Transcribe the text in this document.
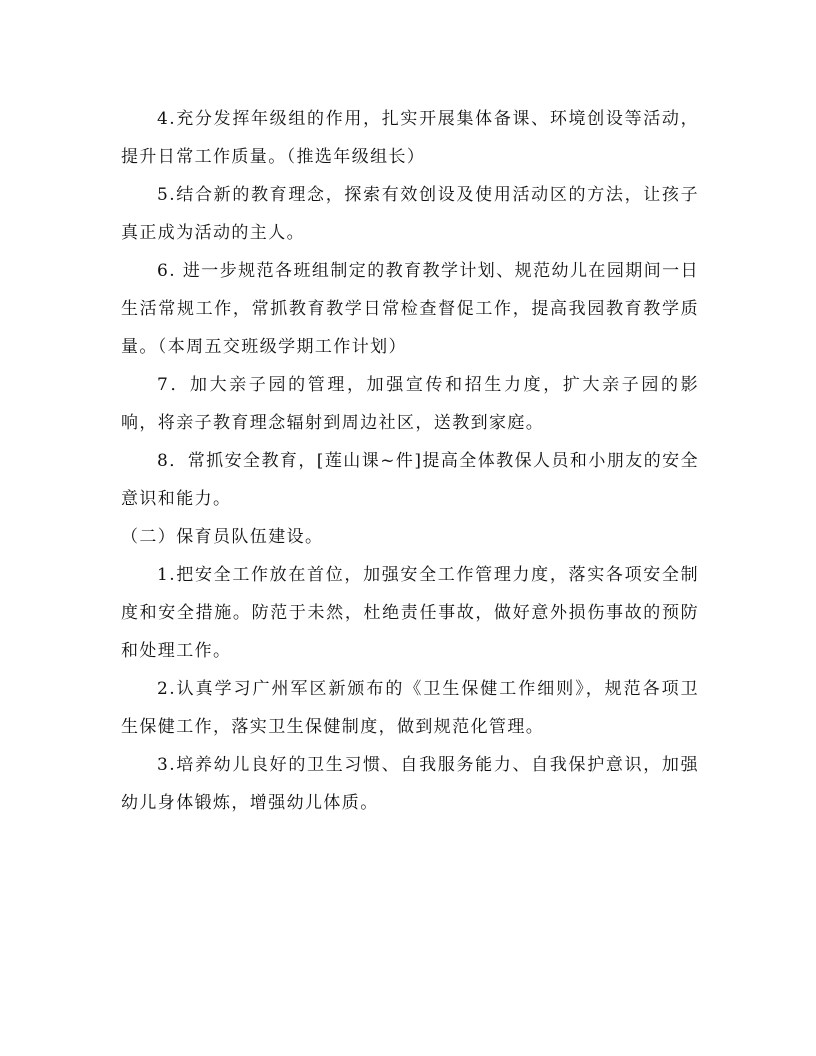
4.充分发挥年级组的作用，扎实开展集体备课、环境创设等活动，提升日常工作质量。（推选年级组长）

5.结合新的教育理念，探索有效创设及使用活动区的方法，让孩子真正成为活动的主人。

6. 进一步规范各班组制定的教育教学计划、规范幼儿在园期间一日生活常规工作，常抓教育教学日常检查督促工作，提高我园教育教学质量。（本周五交班级学期工作计划）

7．加大亲子园的管理，加强宣传和招生力度，扩大亲子园的影响，将亲子教育理念辐射到周边社区，送教到家庭。

8．常抓安全教育，[莲山课~件]提高全体教保人员和小朋友的安全意识和能力。

（二）保育员队伍建设。

1.把安全工作放在首位，加强安全工作管理力度，落实各项安全制度和安全措施。防范于未然，杜绝责任事故，做好意外损伤事故的预防和处理工作。

2.认真学习广州军区新颁布的《卫生保健工作细则》，规范各项卫生保健工作，落实卫生保健制度，做到规范化管理。

3.培养幼儿良好的卫生习惯、自我服务能力、自我保护意识，加强幼儿身体锻炼，增强幼儿体质。
